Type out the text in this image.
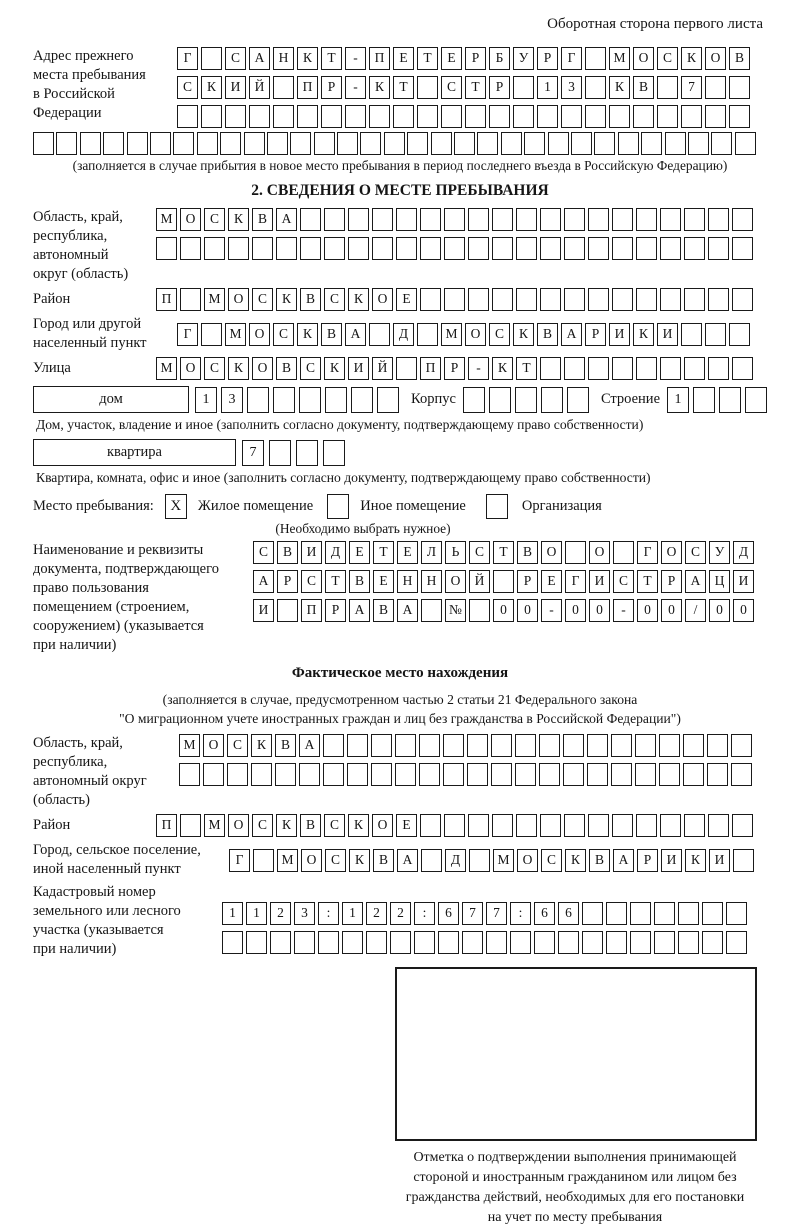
Оборотная сторона первого листа
Адрес прежнего
места пребывания
в Российской
Федерации
Г	С	А	Н	К	Т	-	П	Е	Т	Е	Р	Б	У	Р	Г	М О	С	К	О	В
С	К	И	Й	П	Р	-	К	Т	С	Т	Р	1	3	К	В	7
(заполняется в случае прибытия в новое место пребывания в период последнего въезда в Российскую Федерацию)
2. СВЕДЕНИЯ О МЕСТЕ ПРЕБЫВАНИЯ
Область, край,
республика,
автономный
округ (область)
М О	С	К	В	А
Район	П	М О	С	К	В	С	К	О	Е
Город или другой
населенный пункт
Г	М О	С	К	В	А	Д	М О	С	К	В	А	Р	И	К	И
Улица	М О	С	К	О	В	С	К	И	Й	П	Р	-	К	Т
дом	1	3	Корпус	Строение	1
Дом, участок, владение и иное (заполнить согласно документу, подтверждающему право собственности)
квартира	7
Квартира, комната, офис и иное (заполнить согласно документу, подтверждающему право собственности)
Место пребывания:	X	Жилое помещение	Иное помещение	Организация
(Необходимо выбрать нужное)
Наименование и реквизиты
документа, подтверждающего
право пользования
помещением (строением,
сооружением) (указывается
при наличии)
С	В	И	Д	Е	Т	Е	Л	Ь	С	Т	В	О	О	Г	О	С	У	Д
А	Р	С	Т	В	Е	Н	Н	О	Й	Р	Е	Г	И	С	Т	Р	А	Ц	И
И	П	Р	А	В	А	№	0	0	-	0	0	-	0	0	/	0	0
Фактическое место нахождения
(заполняется в случае, предусмотренном частью 2 статьи 21 Федерального закона
"О миграционном учете иностранных граждан и лиц без гражданства в Российской Федерации")
Область, край,
республика,
автономный округ
(область)
М О	С	К	В	А
Район	П	М О	С	К	В	С	К	О	Е
Город, сельское поселение,
иной населенный пункт
Г	М О	С	К	В	А	Д	М О	С	К	В	А	Р	И	К	И
Кадастровый номер
земельного или лесного
участка (указывается
при наличии)
1	1	2	3	:	1	2	2	:	6	7	7	:	6	6
Отметка о подтверждении выполнения принимающей
стороной и иностранным гражданином или лицом без
гражданства действий, необходимых для его постановки
на учет по месту пребывания
